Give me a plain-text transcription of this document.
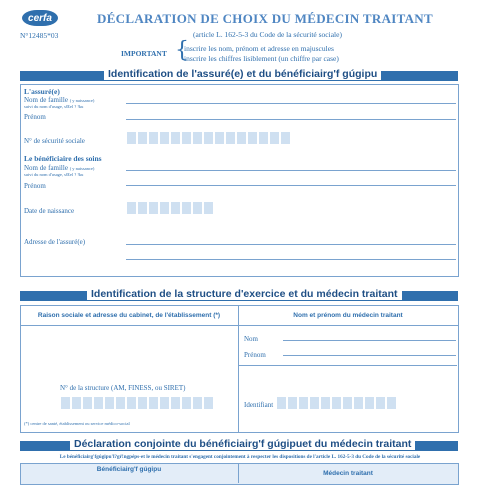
cerfa
N°12485*03
DÉCLARATION DE CHOIX DU MÉDECIN TRAITANT
(article L. 162-5-3 du Code de la sécurité sociale)
IMPORTANT {
inscrire les nom, prénom et adresse en majuscules
inscrire les chiffres lisiblement (un chiffre par case)
Identification de l'assuré(e) et du bénéficiairg'f gúgipu
L'assuré(e)
Nom de famille ( y naissance)
suivi du nom d'usage, sŒel ? !ku
Prénom
N° de sécurité sociale
Le bénéficiaire des soins
Nom de famille ( y naissance)
suivi du nom d'usage, sŒel ? !ku
Prénom
Date de naissance
Adresse de l'assuré(e)
Identification de la structure d'exercice et du médecin traitant
Raison sociale et adresse du cabinet, de l'établissement (*)	Nom et prénom du médecin traitant
Nom
Prénom
N° de la structure (AM, FINESS, ou SIRET)
Identifiant
(*) centre de santé, établissement ou service médico-social
Déclaration conjointe du bénéficiairg'f gúgipuet du médecin traitant
Le bénéficiairg'fgúgipu'l?gŕ!ngpéps-et le médecin traitant s'engagent conjointement à respecter les dispositions de l'article L. 162-5-3 du Code de la sécurité sociale
Bénéficiairg'f gúgipu
Médecin traitant
